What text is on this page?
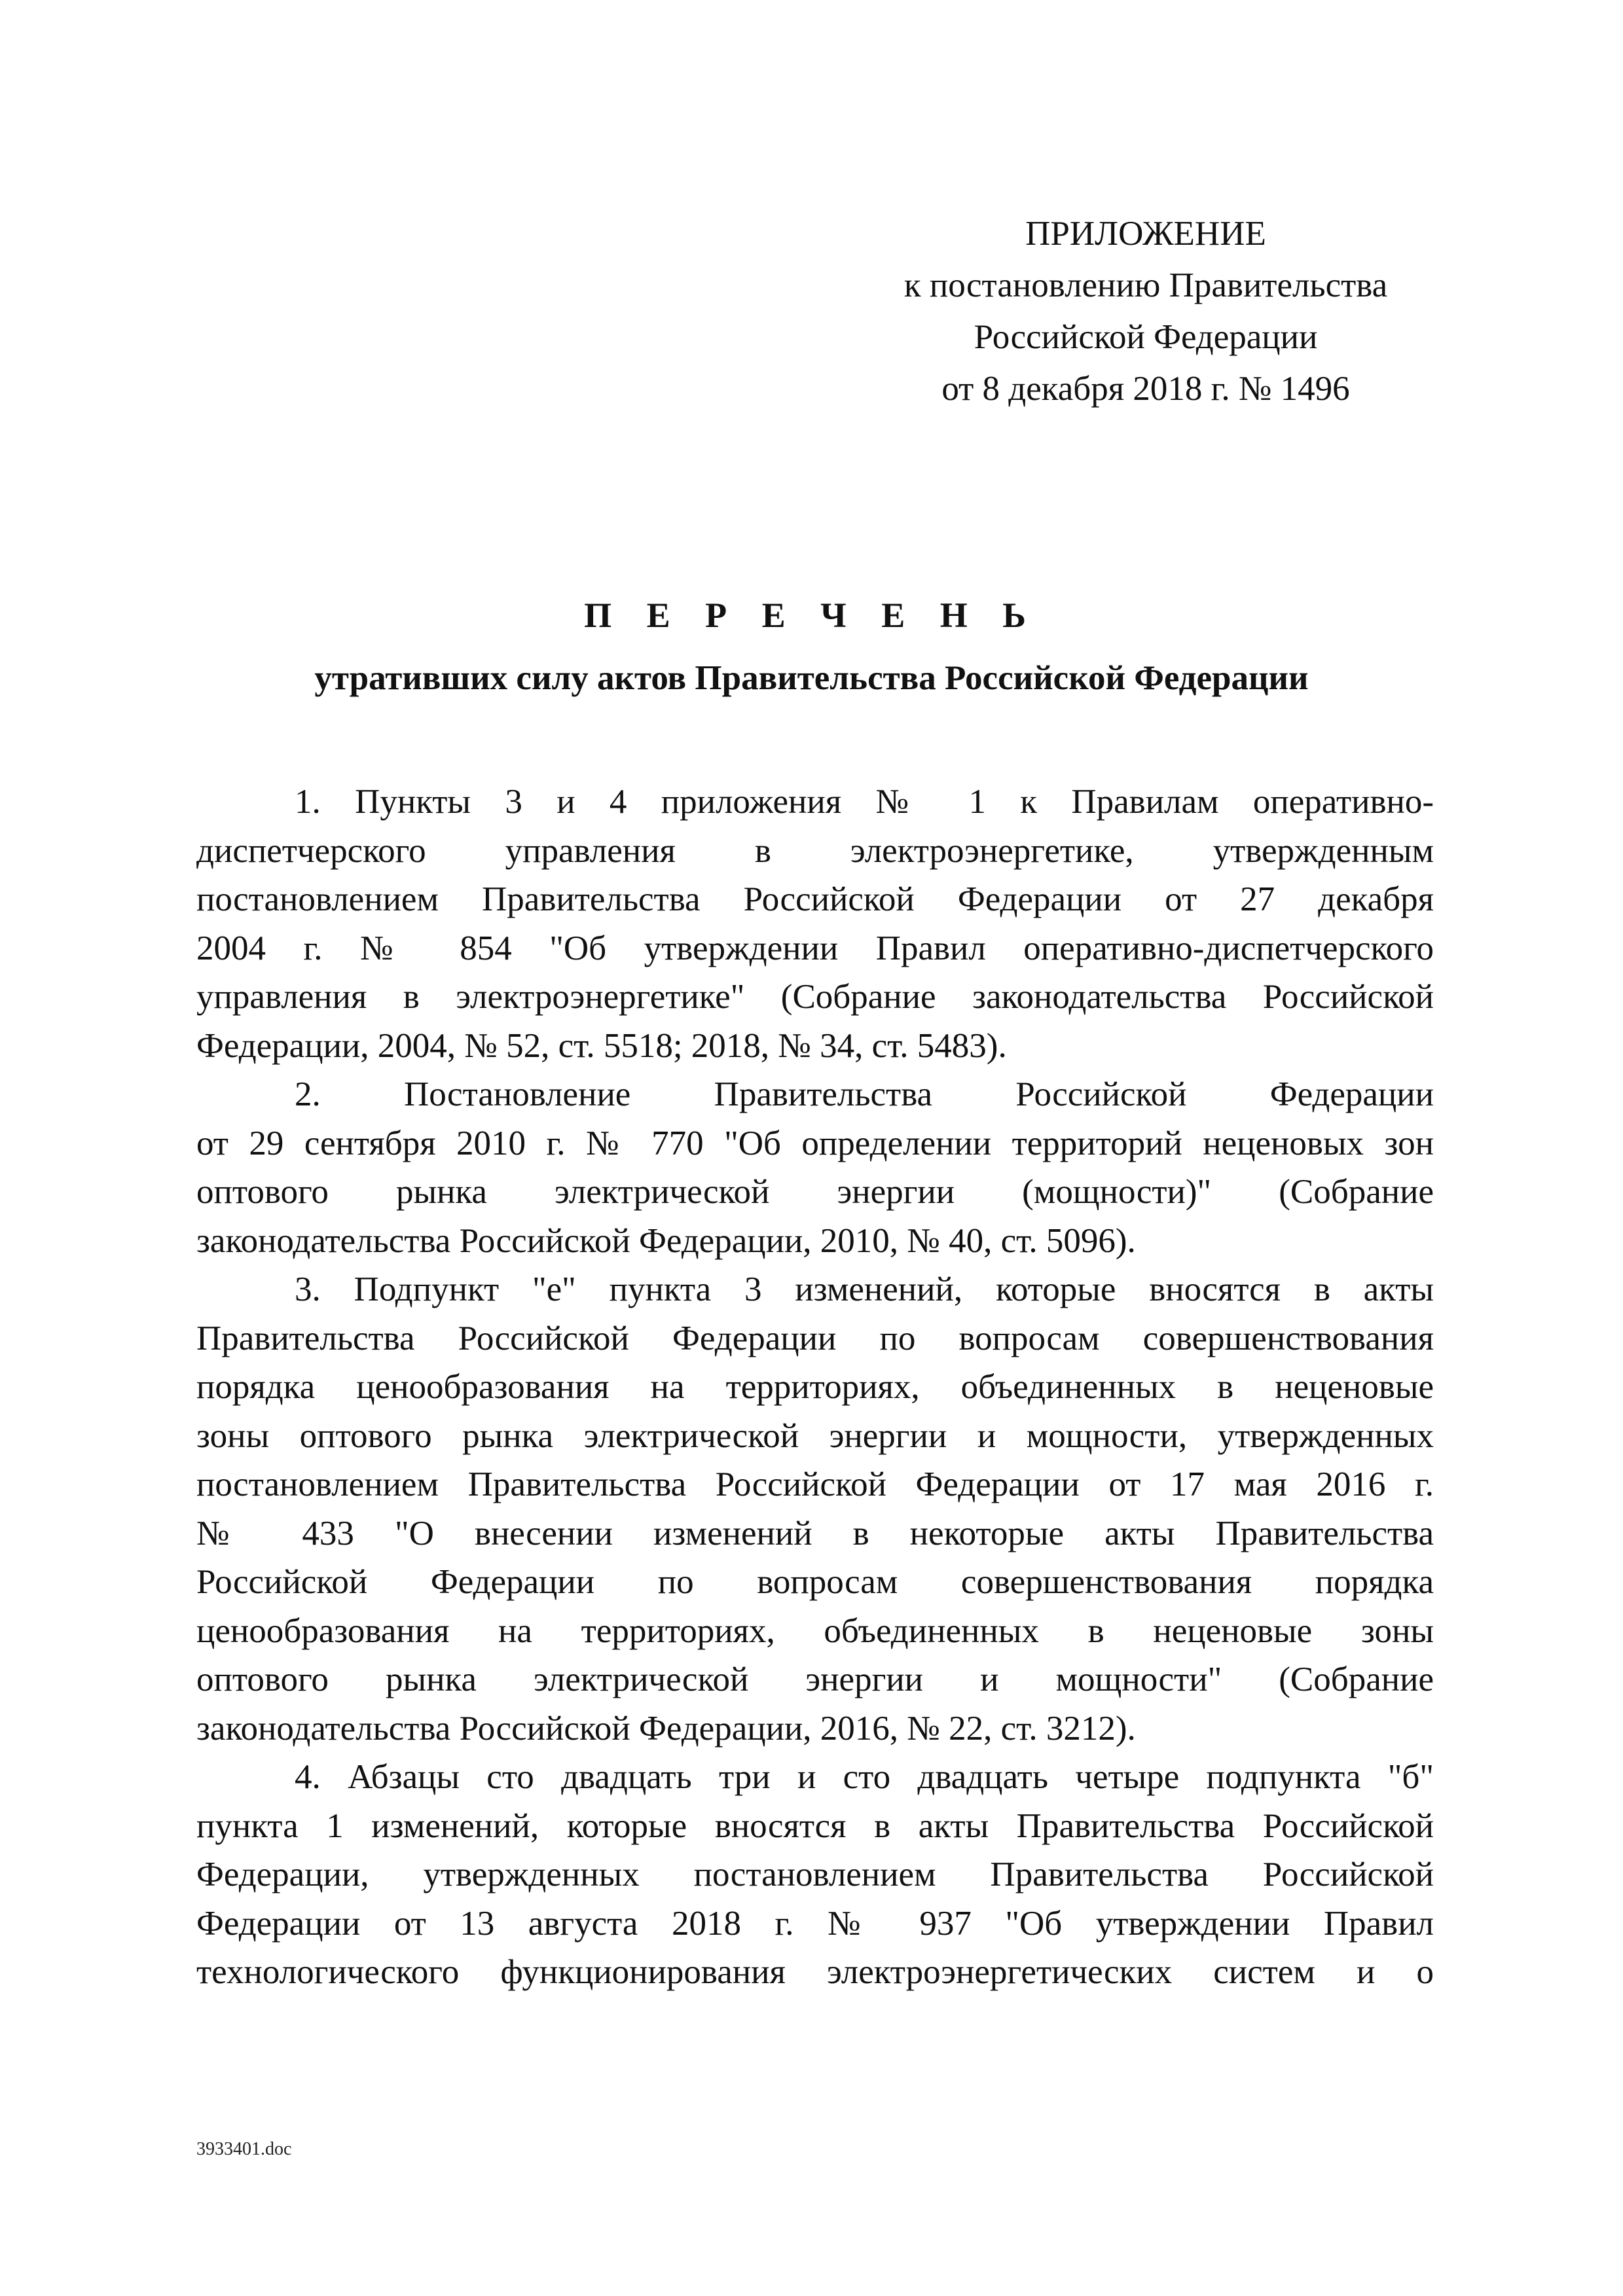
ПРИЛОЖЕНИЕ
к постановлению Правительства
Российской Федерации
от 8 декабря 2018 г. № 1496
П Е Р Е Ч Е Н Ь
утративших силу актов Правительства Российской Федерации
1. Пункты 3 и 4 приложения № 1 к Правилам оперативно-
диспетчерского управления в электроэнергетике, утвержденным
постановлением Правительства Российской Федерации от 27 декабря
2004 г. № 854 "Об утверждении Правил оперативно-диспетчерского
управления в электроэнергетике" (Собрание законодательства Российской
Федерации, 2004, № 52, ст. 5518; 2018, № 34, ст. 5483).
2. Постановление Правительства Российской Федерации
от 29 сентября 2010 г. № 770 "Об определении территорий неценовых зон
оптового рынка электрической энергии (мощности)" (Собрание
законодательства Российской Федерации, 2010, № 40, ст. 5096).
3. Подпункт "е" пункта 3 изменений, которые вносятся в акты
Правительства Российской Федерации по вопросам совершенствования
порядка ценообразования на территориях, объединенных в неценовые
зоны оптового рынка электрической энергии и мощности, утвержденных
постановлением Правительства Российской Федерации от 17 мая 2016 г.
№ 433 "О внесении изменений в некоторые акты Правительства
Российской Федерации по вопросам совершенствования порядка
ценообразования на территориях, объединенных в неценовые зоны
оптового рынка электрической энергии и мощности" (Собрание
законодательства Российской Федерации, 2016, № 22, ст. 3212).
4. Абзацы сто двадцать три и сто двадцать четыре подпункта "б"
пункта 1 изменений, которые вносятся в акты Правительства Российской
Федерации, утвержденных постановлением Правительства Российской
Федерации от 13 августа 2018 г. № 937 "Об утверждении Правил
технологического функционирования электроэнергетических систем и о
3933401.doc
